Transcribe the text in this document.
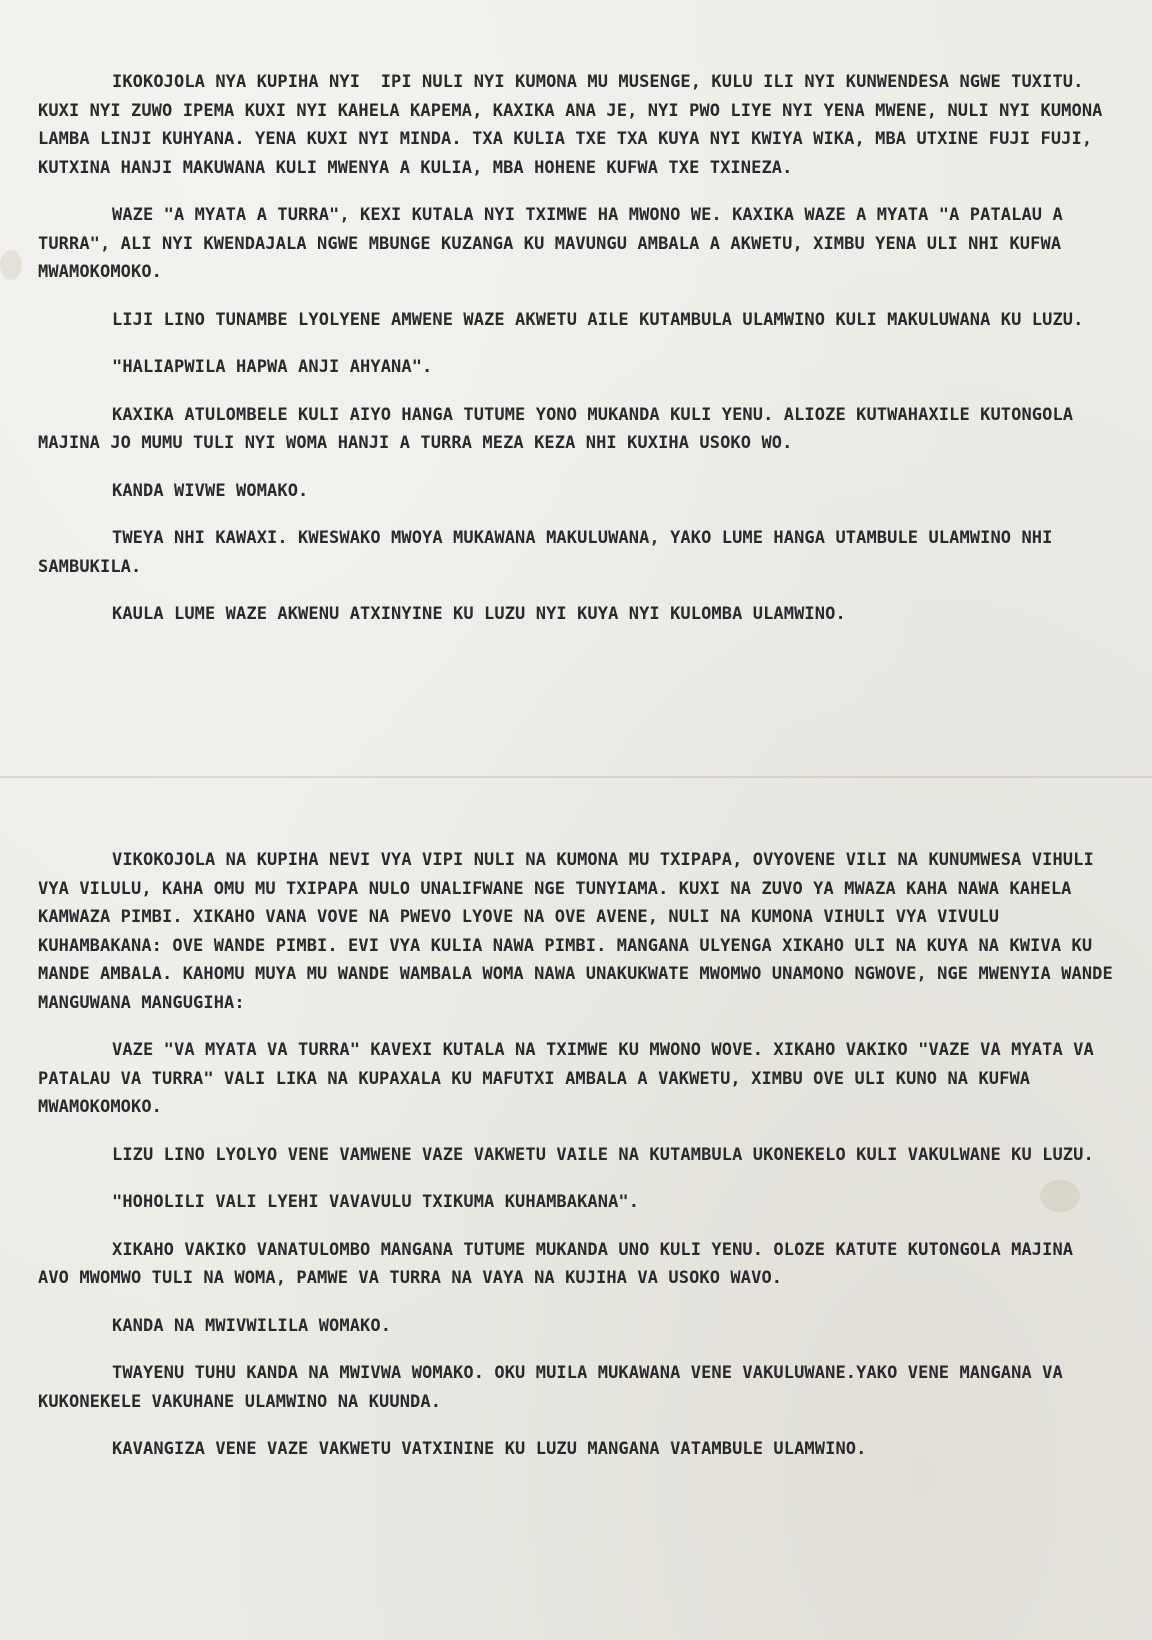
IKOKOJOLA NYA KUPIHA NYI  IPI NULI NYI KUMONA MU MUSENGE, KULU ILI NYI KUNWENDESA NGWE TUXITU. KUXI NYI ZUWO IPEMA KUXI NYI KAHELA KAPEMA, KAXIKA ANA JE, NYI PWO LIYE NYI YENA MWENE, NULI NYI KUMONA LAMBA LINJI KUHYANA. YENA KUXI NYI MINDA. TXA KULIA TXE TXA KUYA NYI KWIYA WIKA, MBA UTXINE FUJI FUJI, KUTXINA HANJI MAKUWANA KULI MWENYA A KULIA, MBA HOHENE KUFWA TXE TXINEZA.

WAZE "A MYATA A TURRA", KEXI KUTALA NYI TXIMWE HA MWONO WE. KAXIKA WAZE A MYATA "A PATALAU A TURRA", ALI NYI KWENDAJALA NGWE MBUNGE KUZANGA KU MAVUNGU AMBALA A AKWETU, XIMBU YENA ULI NHI KUFWA MWAMOKOMOKO.

LIJI LINO TUNAMBE LYOLYENE AMWENE WAZE AKWETU AILE KUTAMBULA ULAMWINO KULI MAKULUWANA KU LUZU.

"HALIAPWILA HAPWA ANJI AHYANA".

KAXIKA ATULOMBELE KULI AIYO HANGA TUTUME YONO MUKANDA KULI YENU. ALIOZE KUTWAHAXILE KUTONGOLA MAJINA JO MUMU TULI NYI WOMA HANJI A TURRA MEZA KEZA NHI KUXIHA USOKO WO.

KANDA WIVWE WOMAKO.

TWEYA NHI KAWAXI. KWESWAKO MWOYA MUKAWANA MAKULUWANA, YAKO LUME HANGA UTAMBULE ULAMWINO NHI SAMBUKILA.

KAULA LUME WAZE AKWENU ATXINYINE KU LUZU NYI KUYA NYI KULOMBA ULAMWINO.

VIKOKOJOLA NA KUPIHA NEVI VYA VIPI NULI NA KUMONA MU TXIPAPA, OVYOVENE VILI NA KUNUMWESA VIHULI VYA VILULU, KAHA OMU MU TXIPAPA NULO UNALIFWANE NGE TUNYIAMA. KUXI NA ZUVO YA MWAZA KAHA NAWA KAHELA KAMWAZA PIMBI. XIKAHO VANA VOVE NA PWEVO LYOVE NA OVE AVENE, NULI NA KUMONA VIHULI VYA VIVULU KUHAMBAKANA: OVE WANDE PIMBI. EVI VYA KULIA NAWA PIMBI. MANGANA ULYENGA XIKAHO ULI NA KUYA NA KWIVA KU MANDE AMBALA. KAHOMU MUYA MU WANDE WAMBALA WOMA NAWA UNAKUKWATE MWOMWO UNAMONO NGWOVE, NGE MWENYIA WANDE MANGUWANA MANGUGIHA:

VAZE "VA MYATA VA TURRA" KAVEXI KUTALA NA TXIMWE KU MWONO WOVE. XIKAHO VAKIKO "VAZE VA MYATA VA PATALAU VA TURRA" VALI LIKA NA KUPAXALA KU MAFUTXI AMBALA A VAKWETU, XIMBU OVE ULI KUNO NA KUFWA MWAMOKOMOKO.

LIZU LINO LYOLYO VENE VAMWENE VAZE VAKWETU VAILE NA KUTAMBULA UKONEKELO KULI VAKULWANE KU LUZU.

"HOHOLILI VALI LYEHI VAVAVULU TXIKUMA KUHAMBAKANA".

XIKAHO VAKIKO VANATULOMBO MANGANA TUTUME MUKANDA UNO KULI YENU. OLOZE KATUTE KUTONGOLA MAJINA AVO MWOMWO TULI NA WOMA, PAMWE VA TURRA NA VAYA NA KUJIHA VA USOKO WAVO.

KANDA NA MWIVWILILA WOMAKO.

TWAYENU TUHU KANDA NA MWIVWA WOMAKO. OKU MUILA MUKAWANA VENE VAKULUWANE.YAKO VENE MANGANA VA KUKONEKELE VAKUHANE ULAMWINO NA KUUNDA.

KAVANGIZA VENE VAZE VAKWETU VATXININE KU LUZU MANGANA VATAMBULE ULAMWINO.
